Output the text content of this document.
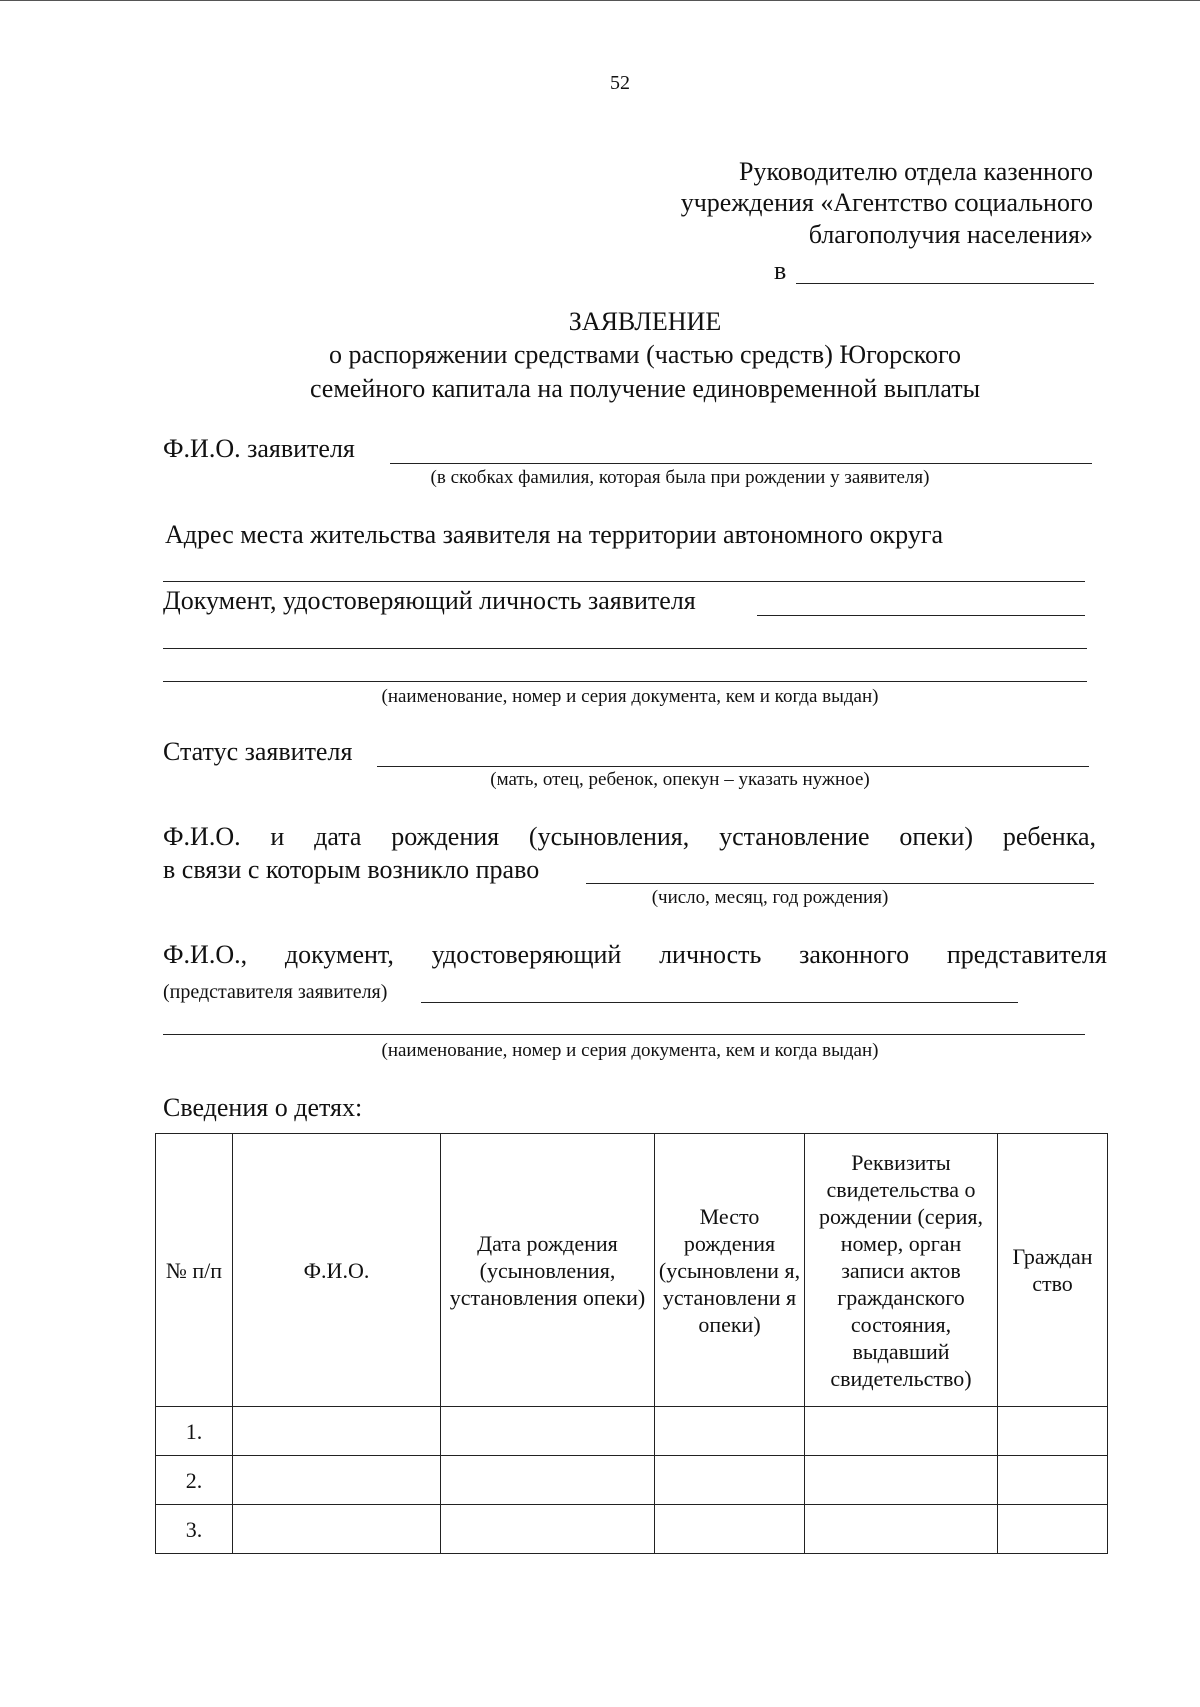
52
Руководителю отдела казенного
учреждения «Агентство социального
благополучия населения»
в
ЗАЯВЛЕНИЕ
о распоряжении средствами (частью средств) Югорского
семейного капитала на получение единовременной выплаты
Ф.И.О. заявителя
(в скобках фамилия, которая была при рождении у заявителя)
Адрес места жительства заявителя на территории автономного округа
Документ, удостоверяющий личность заявителя
(наименование, номер и серия документа, кем и когда выдан)
Статус заявителя
(мать, отец, ребенок, опекун – указать нужное)
Ф.И.О. и дата рождения (усыновления, установление опеки) ребенка,
в связи с которым возникло право
(число, месяц, год рождения)
Ф.И.О., документ, удостоверяющий личность законного представителя
(представителя заявителя)
(наименование, номер и серия документа, кем и когда выдан)
Сведения о детях:
№ п/п	Ф.И.О.	Дата рождения (усыновления, установления опеки)	Место рождения (усыновлени я, установлени я опеки)	Реквизиты свидетельства о рождении (серия, номер, орган записи актов гражданского состояния, выдавший свидетельство)	Граждан ство
1.					
2.					
3.					
